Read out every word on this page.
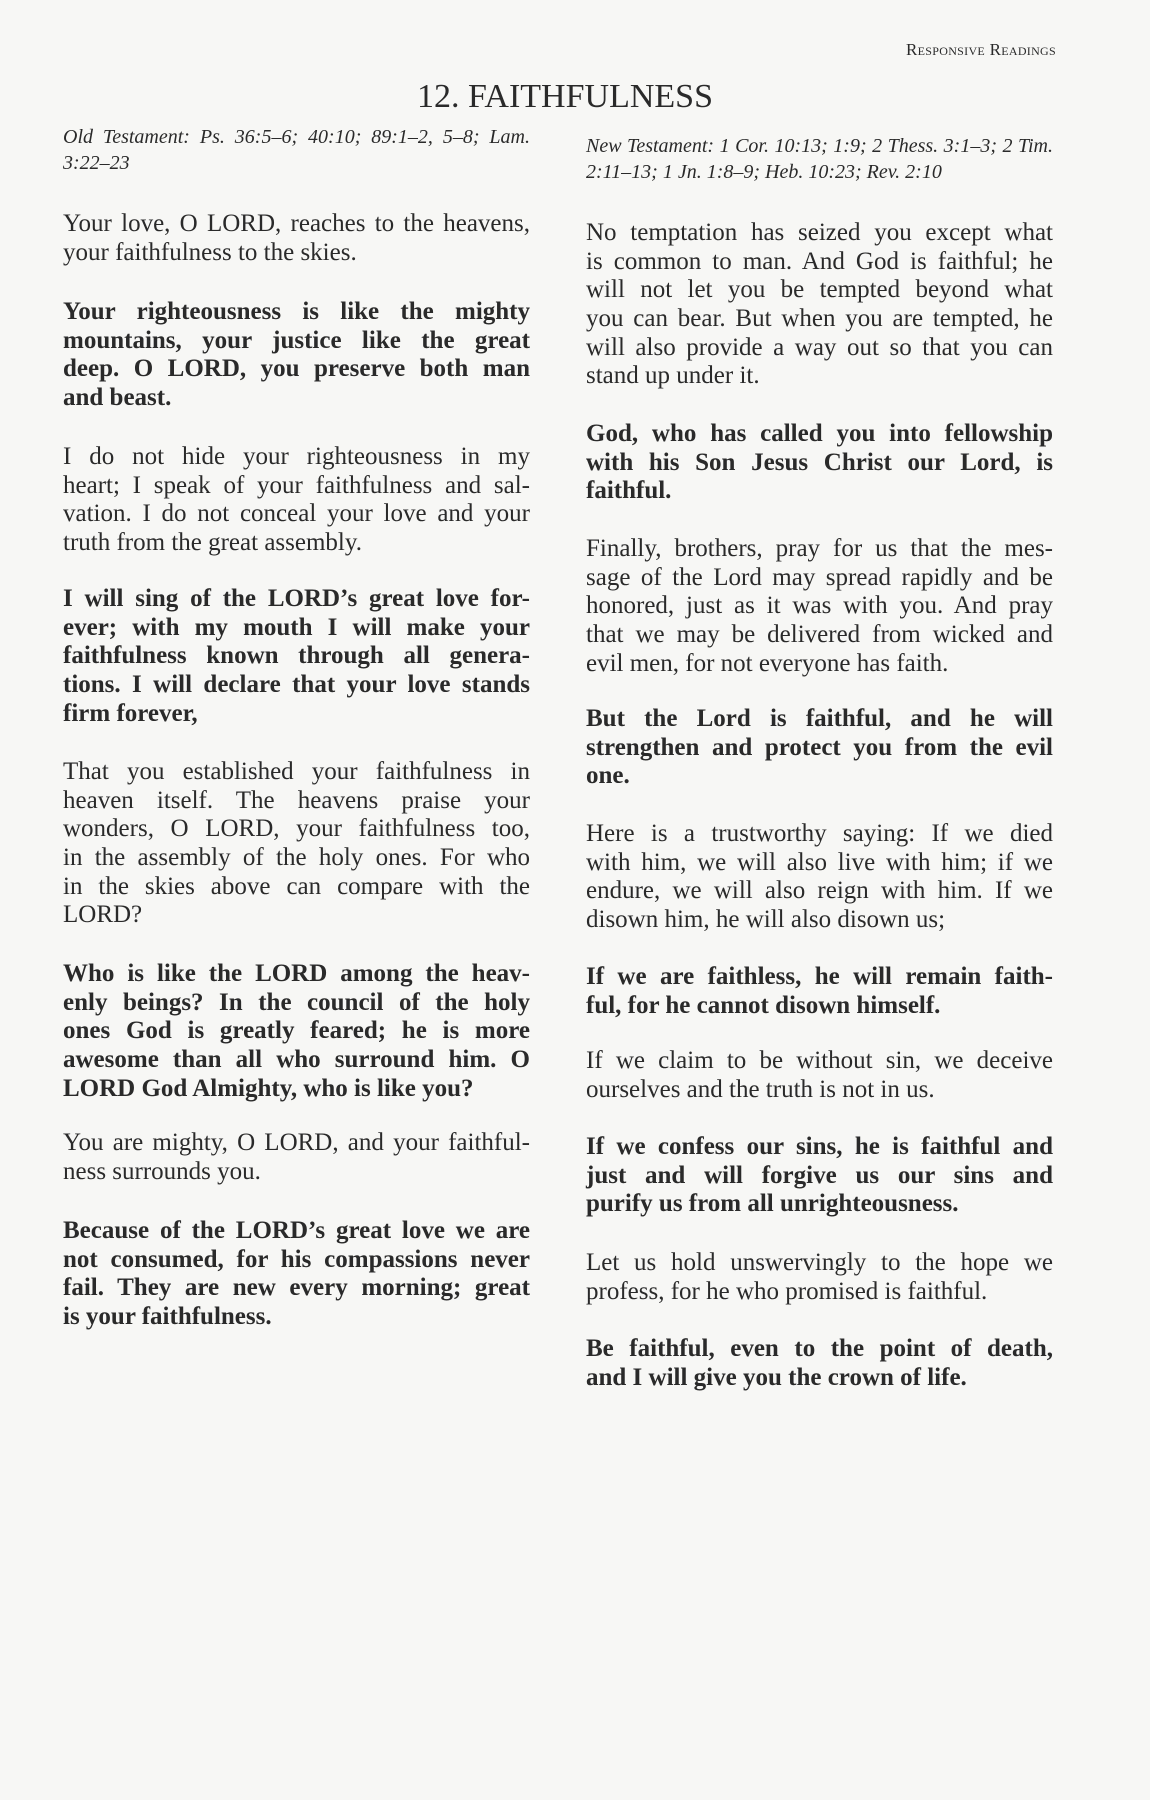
Responsive Readings
12. FAITHFULNESS
Old Testament: Ps. 36:5–6; 40:10; 89:1–2, 5–8; Lam. 3:22–23
New Testament: 1 Cor. 10:13; 1:9; 2 Thess. 3:1–3; 2 Tim. 2:11–13; 1 Jn. 1:8–9; Heb. 10:23; Rev. 2:10
Your love, O LORD, reaches to the heavens,
your faithfulness to the skies.
Your righteousness is like the mighty
mountains, your justice like the great
deep. O LORD, you preserve both man
and beast.
I do not hide your righteousness in my
heart; I speak of your faithfulness and sal-
vation. I do not conceal your love and your
truth from the great assembly.
I will sing of the LORD’s great love for-
ever; with my mouth I will make your
faithfulness known through all genera-
tions. I will declare that your love stands
firm forever,
That you established your faithfulness in
heaven itself. The heavens praise your
wonders, O LORD, your faithfulness too,
in the assembly of the holy ones. For who
in the skies above can compare with the
LORD?
Who is like the LORD among the heav-
enly beings? In the council of the holy
ones God is greatly feared; he is more
awesome than all who surround him. O
LORD God Almighty, who is like you?
You are mighty, O LORD, and your faithful-
ness surrounds you.
Because of the LORD’s great love we are
not consumed, for his compassions never
fail. They are new every morning; great
is your faithfulness.
No temptation has seized you except what
is common to man. And God is faithful; he
will not let you be tempted beyond what
you can bear. But when you are tempted, he
will also provide a way out so that you can
stand up under it.
God, who has called you into fellowship
with his Son Jesus Christ our Lord, is
faithful.
Finally, brothers, pray for us that the mes-
sage of the Lord may spread rapidly and be
honored, just as it was with you. And pray
that we may be delivered from wicked and
evil men, for not everyone has faith.
But the Lord is faithful, and he will
strengthen and protect you from the evil
one.
Here is a trustworthy saying: If we died
with him, we will also live with him; if we
endure, we will also reign with him. If we
disown him, he will also disown us;
If we are faithless, he will remain faith-
ful, for he cannot disown himself.
If we claim to be without sin, we deceive
ourselves and the truth is not in us.
If we confess our sins, he is faithful and
just and will forgive us our sins and
purify us from all unrighteousness.
Let us hold unswervingly to the hope we
profess, for he who promised is faithful.
Be faithful, even to the point of death,
and I will give you the crown of life.
